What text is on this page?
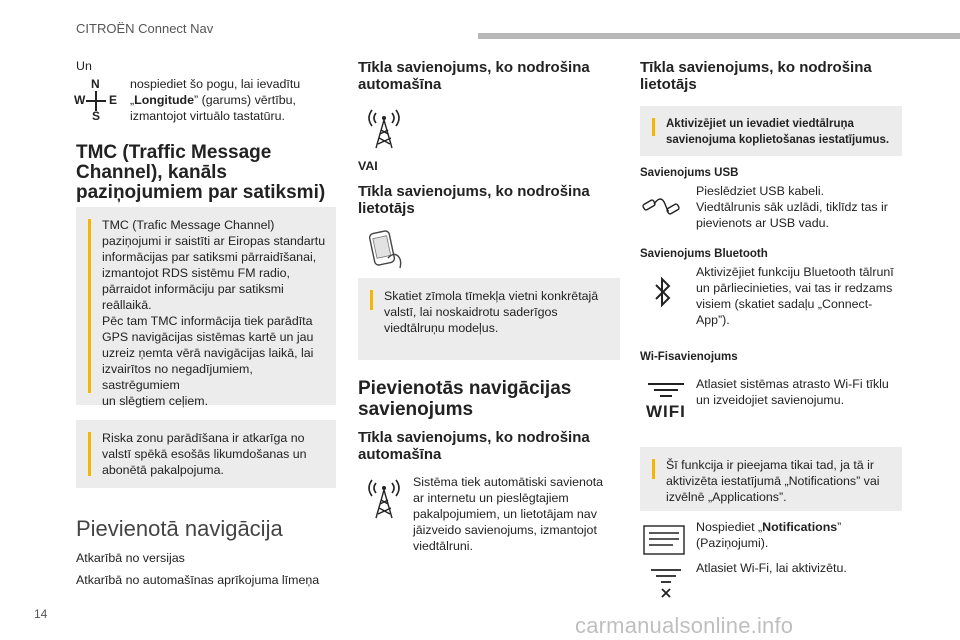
CITROËN Connect Nav
Un
N
W E
S
nospiediet šo pogu, lai ievadītu
„Longitude” (garums) vērtību,
izmantojot virtuālo tastatūru.
TMC (Traffic Message Channel), kanāls paziņojumiem par satiksmi)
TMC (Trafic Message Channel)
paziņojumi ir saistīti ar Eiropas standartu
informācijas par satiksmi pārraidīšanai,
izmantojot RDS sistēmu FM radio,
pārraidot informāciju par satiksmi
reāllaikā.
Pēc tam TMC informācija tiek parādīta
GPS navigācijas sistēmas kartē un jau
uzreiz ņemta vērā navigācijas laikā, lai
izvairītos no negadījumiem, sastrēgumiem
un slēgtiem ceļiem.
Riska zonu parādīšana ir atkarīga no
valstī spēkā esošās likumdošanas un
abonētā pakalpojuma.
Pievienotā navigācija
Atkarībā no versijas
Atkarībā no automašīnas aprīkojuma līmeņa
Tīkla savienojums, ko nodrošina automašīna
VAI
Tīkla savienojums, ko nodrošina lietotājs
Skatiet zīmola tīmekļa vietni konkrētajā
valstī, lai noskaidrotu saderīgos
viedtālruņu modeļus.
Pievienotās navigācijas savienojums
Tīkla savienojums, ko nodrošina automašīna
Sistēma tiek automātiski savienota
ar internetu un pieslēgtajiem
pakalpojumiem, un lietotājam nav
jāizveido savienojums, izmantojot
viedtālruni.
Tīkla savienojums, ko nodrošina lietotājs
Aktivizējiet un ievadiet viedtālruņa
savienojuma koplietošanas iestatījumus.
Savienojums USB
Pieslēdziet USB kabeli.
Viedtālrunis sāk uzlādi, tiklīdz tas ir
pievienots ar USB vadu.
Savienojums Bluetooth
Aktivizējiet funkciju Bluetooth tālrunī
un pārliecinieties, vai tas ir redzams
visiem (skatiet sadaļu „Connect-
App”).
Wi-Fisavienojums
WIFI
Atlasiet sistēmas atrasto Wi-Fi tīklu
un izveidojiet savienojumu.
Šī funkcija ir pieejama tikai tad, ja tā ir
aktivizēta iestatījumā „Notifications” vai
izvēlnē „Applications”.
Nospiediet „Notifications”
(Paziņojumi).
Atlasiet Wi-Fi, lai aktivizētu.
14	carmanualsonline.info
